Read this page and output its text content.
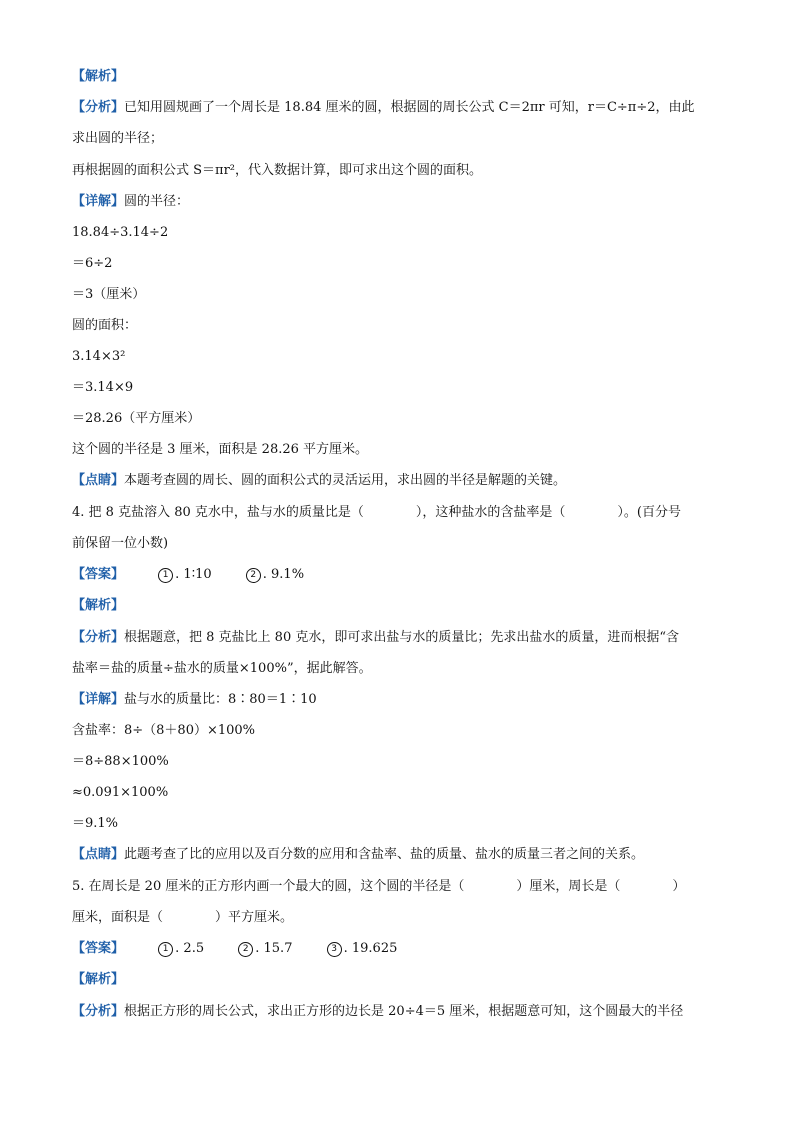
【解析】
【分析】已知用圆规画了一个周长是 18.84 厘米的圆，根据圆的周长公式 C＝2πr 可知，r＝C÷π÷2，由此
求出圆的半径；
再根据圆的面积公式 S＝πr²，代入数据计算，即可求出这个圆的面积。
【详解】圆的半径：
18.84÷3.14÷2
＝6÷2
＝3（厘米）
圆的面积：
3.14×3²
＝3.14×9
＝28.26（平方厘米）
这个圆的半径是 3 厘米，面积是 28.26 平方厘米。
【点睛】本题考查圆的周长、圆的面积公式的灵活运用，求出圆的半径是解题的关键。
4. 把 8 克盐溶入 80 克水中，盐与水的质量比是（　　　　），这种盐水的含盐率是（　　　　）。(百分号
前保留一位小数)
【答案】	1 . 1∶10	2 . 9.1%
【解析】
【分析】根据题意，把 8 克盐比上 80 克水，即可求出盐与水的质量比；先求出盐水的质量，进而根据“含
盐率＝盐的质量÷盐水的质量×100%”，据此解答。
【详解】盐与水的质量比：8∶80＝1∶10
含盐率：8÷（8＋80）×100%
＝8÷88×100%
≈0.091×100%
＝9.1%
【点睛】此题考查了比的应用以及百分数的应用和含盐率、盐的质量、盐水的质量三者之间的关系。
5. 在周长是 20 厘米的正方形内画一个最大的圆，这个圆的半径是（　　　　）厘米，周长是（　　　　）
厘米，面积是（　　　　）平方厘米。
【答案】	1 . 2.5	2 . 15.7	3 . 19.625
【解析】
【分析】根据正方形的周长公式，求出正方形的边长是 20÷4＝5 厘米，根据题意可知，这个圆最大的半径
